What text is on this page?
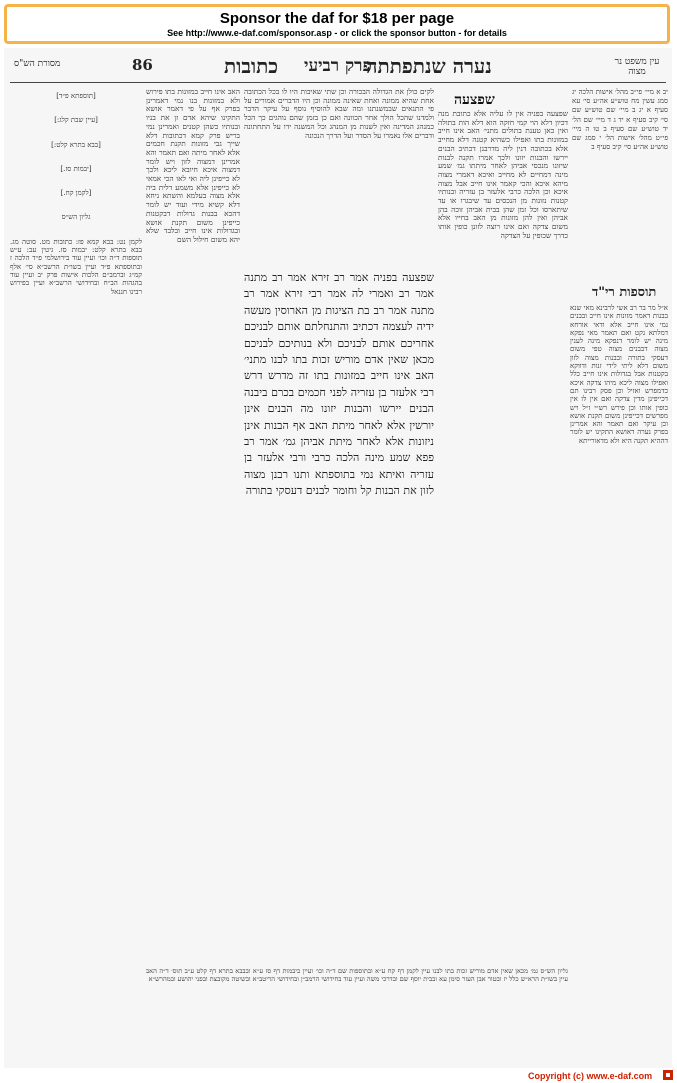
Sponsor the daf for $18 per page
See http://www.e-daf.com/sponsor.asp - or click the sponsor button - for details
עין משפט נר מצוה
נערה שנתפתתה
פרק רביעי
כתובות
86
מסורת הש"ס

יב א מיי׳ פי״ב מהל׳ אישות הלכה יג סמג עשין מח טוש״ע אה״ע סי׳ עא סעיף א יג ב מיי׳ שם טוש״ע שם סי׳ קיב סעיף א יד ג ד מיי׳ שם הל׳ יד טוש״ע שם סעיף ב טו ה מיי׳ פי״ט מהל׳ אישות הל׳ י סמג שם טוש״ע אה״ע סי׳ קיב סעיף ב

תוספות רי"ד

א״ל מר בר רב אשי לרבינא מאי שנא בבנות דאמר מזונות אינו חייב ובבנים נמי אינו חייב אלא ודאי אורחא דמלתא נקט ואם תאמר מאי נפקא מינה יש לומר דנפקא מינה לענין מצוה דבבנים מצוה טפי משום דעסקי בתורה ובבנות מצוה לזון משום דלא ליתי לידי זנות ודווקא בקטנות אבל בגדולות אינו חייב כלל ואפילו מצוה ליכא מיהו צדקה איכא כדמפרש ואזיל וכן פסק רבינו תם דכייפינן מדין צדקה ואם אין לו אין כופין אותו וכן פירש רש״י ז״ל ויש מפרשים דכייפינן משום תקנת אושא וכן עיקר ואם תאמר והא אמרינן בפרק נערה דאושא התקינו יש לומר דההיא תקנה היא ולא מדאורייתא

שפצעה

שפצעה בפניה אין לו עליה אלא כתובת מנה דכיון דלא הוי קמי חזקה הוא דלא הות בתולה ואין כאן טענת בתולים מתני׳ האב אינו חייב במזונות בתו ואפילו כשהיא קטנה דלא מחייב אלא בכתובה דנין ליה מדרבנן דכתיב הבנים יירשו והבנות יזונו ולכך אמרו תקנה לבנות שיזונו מנכסי אביהן לאחר מיתתו גמ׳ שמע מינה דמחיים לא מחייב ואיכא דאמרי מצוה מיהא איכא והכי קאמר אינו חייב אבל מצוה איכא וכן הלכה כרבי אלעזר בן עזריה ובנותיו קטנות נזונות מן הנכסים עד שיבגרו או עד שיתארסו וכל זמן שהן בבית אביהן זוכה בהן אביהן ואין להן מזונות מן האב בחייו אלא משום צדקה ואם אינו רוצה לזונן כופין אותו כדרך שכופין על הצדקה

לקים כולן את הגדולה הבכורה וכן שתי שאיבות היו לו בכל הכתובה אחת שהיא ממונה ואחת שאינה ממונה וכן היו הדברים אמורים על פי התנאים שבמשנתנו ומה שבא להוסיף נוסף על עיקר הדבר ולמדנו שהכל הולך אחר הכוונה ואם כן בזמן שהם נוהגים כך הכל כמנהג המדינה ואין לשנות מן המנהג וכל המשנה ידו על התחתונה ודברים אלו נאמרו על הסדר ועל הדרך הנכונה

שפצעה בפניה אמר רב זירא אמר רב מתנה אמר רב ואמרי לה אמר רבי זירא אמר רב מתנה אמר רב בת הציגות מן הארוסין מעשה ידיה לעצמה דכתיב והתנחלתם אותם לבניכם אחריכם אותם לבניכם ולא בנותיכם לבניכם מכאן שאין אדם מוריש זכות בתו לבנו מתני׳ האב אינו חייב במזונות בתו זה מדרש דרש רבי אלעזר בן עזריה לפני חכמים בכרם ביבנה הבנים יירשו והבנות יזונו מה הבנים אינן יורשין אלא לאחר מיתת האב אף הבנות אינן ניזונות אלא לאחר מיתת אביהן גמ׳ אמר רב פפא שמע מינה הלכה כרבי ורבי אלעזר בן עזריה ואיתא נמי בתוספתא ותנו רבנן מצוה לזון את הבנות קל וחומר לבנים דעסקי בתורה

האב אינו חייב במזונות בתו פירוש ולא במזונות בנו נמי דאמרינן בפרק אף על פי דאמר אושא התקינו שיהא אדם זן את בניו ובנותיו כשהן קטנים ואמרינן נמי בריש פרק קמא דכתובות דלא שייך גבי מזונות תקנת חכמים אלא לאחר מיתה ואם תאמר והא אמרינן דמצוה לזון ויש לומר דמצוה איכא חיובא ליכא ולכך לא כייפינן ליה ואי לאו הכי אמאי לא כייפינן אלא משמע דלית ביה אלא מצוה בעלמא והשתא ניחא דלא קשיא מידי ועוד יש לומר דהכא בבנות גדולות דבקטנות כייפינן משום תקנת אושא ובגדולות אינו חייב ובלבד שלא יהא משום חילול השם

[תוספתא פ״ד]
[עיין שבת קלג:]
[בבא בתרא קלט:]
[יבמות סז.]
[לקמן קח.]
גליון הש״ס

לקמן נט: בבא קמא פז: כתובות מט. סוטה מג. בבא בתרא קלט: יבמות סז. גיטין עב: ע״ש תוספות ד״ה וכו׳ ועיין עוד בירושלמי פ״ד הלכה ז ובתוספתא פ״ד ועיין בשו״ת הרשב״א סי׳ אלף קמ״ג וברמב״ם הלכות אישות פרק יב ועיין עוד בהגהות הב״ח ובחידושי הרשב״א ועיין בפירוש רבינו חננאל

גליון הש״ס גמ׳ מכאן שאין אדם מוריש זכות בתו לבנו עיין לקמן דף קח ע״א ובתוספות שם ד״ה וכו׳ ועיין ביבמות דף סז ע״א ובבבא בתרא דף קלט ע״ב תוס׳ ד״ה האב עיין בשו״ת הרא״ש כלל יז ובטור אבן העזר סימן עא ובבית יוסף שם ובדרכי משה ועיין עוד בחידושי הרמב״ן ובחידושי הריטב״א ובשיטה מקובצת ובפני יהושע ובמהרש״א

Copyright (c) www.e-daf.com
